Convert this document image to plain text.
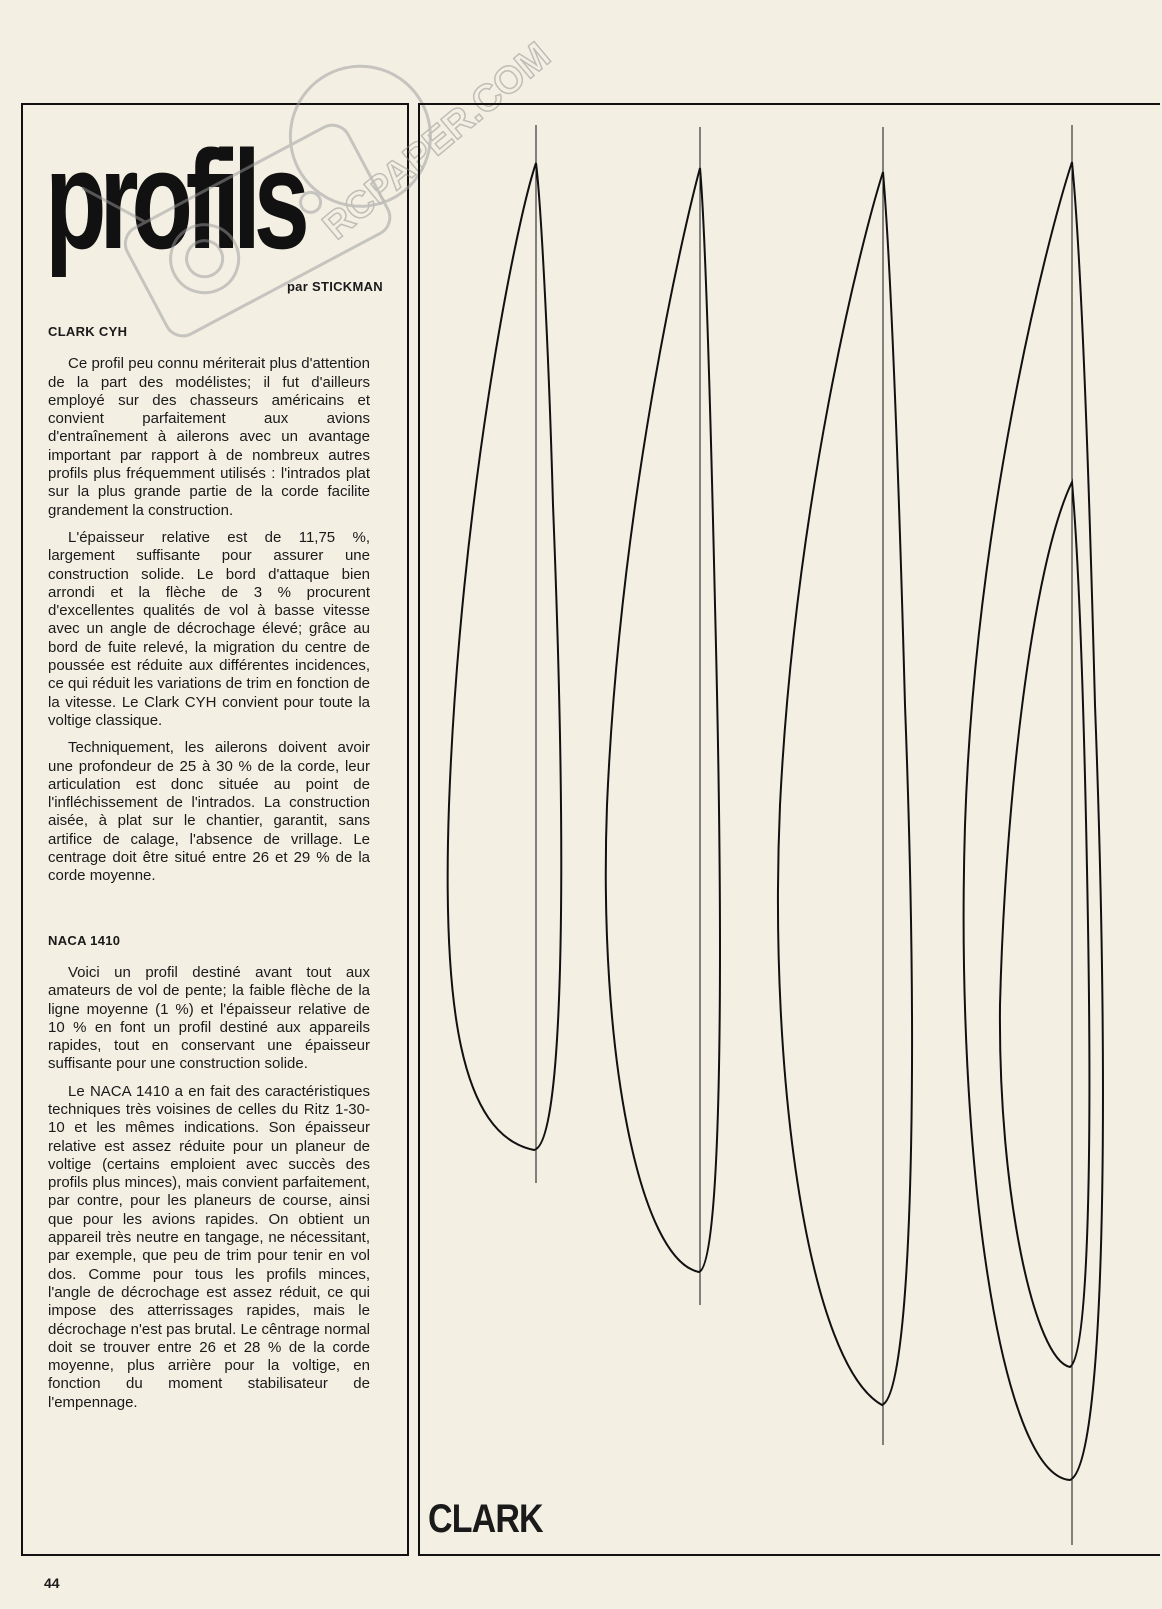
profils

par STICKMAN

CLARK CYH

Ce profil peu connu mériterait plus d'attention de la part des modélistes; il fut d'ailleurs employé sur des chasseurs américains et convient parfaitement aux avions d'entraînement à ailerons avec un avantage important par rapport à de nombreux autres profils plus fréquemment utilisés : l'intrados plat sur la plus grande partie de la corde facilite grandement la construction.

L'épaisseur relative est de 11,75 %, largement suffisante pour assurer une construction solide. Le bord d'attaque bien arrondi et la flèche de 3 % procurent d'excellentes qualités de vol à basse vitesse avec un angle de décrochage élevé; grâce au bord de fuite relevé, la migration du centre de poussée est réduite aux différentes incidences, ce qui réduit les variations de trim en fonction de la vitesse. Le Clark CYH convient pour toute la voltige classique.

Techniquement, les ailerons doivent avoir une profondeur de 25 à 30 % de la corde, leur articulation est donc située au point de l'infléchissement de l'intrados. La construction aisée, à plat sur le chantier, garantit, sans artifice de calage, l'absence de vrillage. Le centrage doit être situé entre 26 et 29 % de la corde moyenne.

NACA 1410

Voici un profil destiné avant tout aux amateurs de vol de pente; la faible flèche de la ligne moyenne (1 %) et l'épaisseur relative de 10 % en font un profil destiné aux appareils rapides, tout en conservant une épaisseur suffisante pour une construction solide.

Le NACA 1410 a en fait des caractéristiques techniques très voisines de celles du Ritz 1-30-10 et les mêmes indications. Son épaisseur relative est assez réduite pour un planeur de voltige (certains emploient avec succès des profils plus minces), mais convient parfaitement, par contre, pour les planeurs de course, ainsi que pour les avions rapides. On obtient un appareil très neutre en tangage, ne nécessitant, par exemple, que peu de trim pour tenir en vol dos. Comme pour tous les profils minces, l'angle de décrochage est assez réduit, ce qui impose des atterrissages rapides, mais le décrochage n'est pas brutal. Le cêntrage normal doit se trouver entre 26 et 28 % de la corde moyenne, plus arrière pour la voltige, en fonction du moment stabilisateur de l'empennage.

44
RCPAPER.COM

CLARK
